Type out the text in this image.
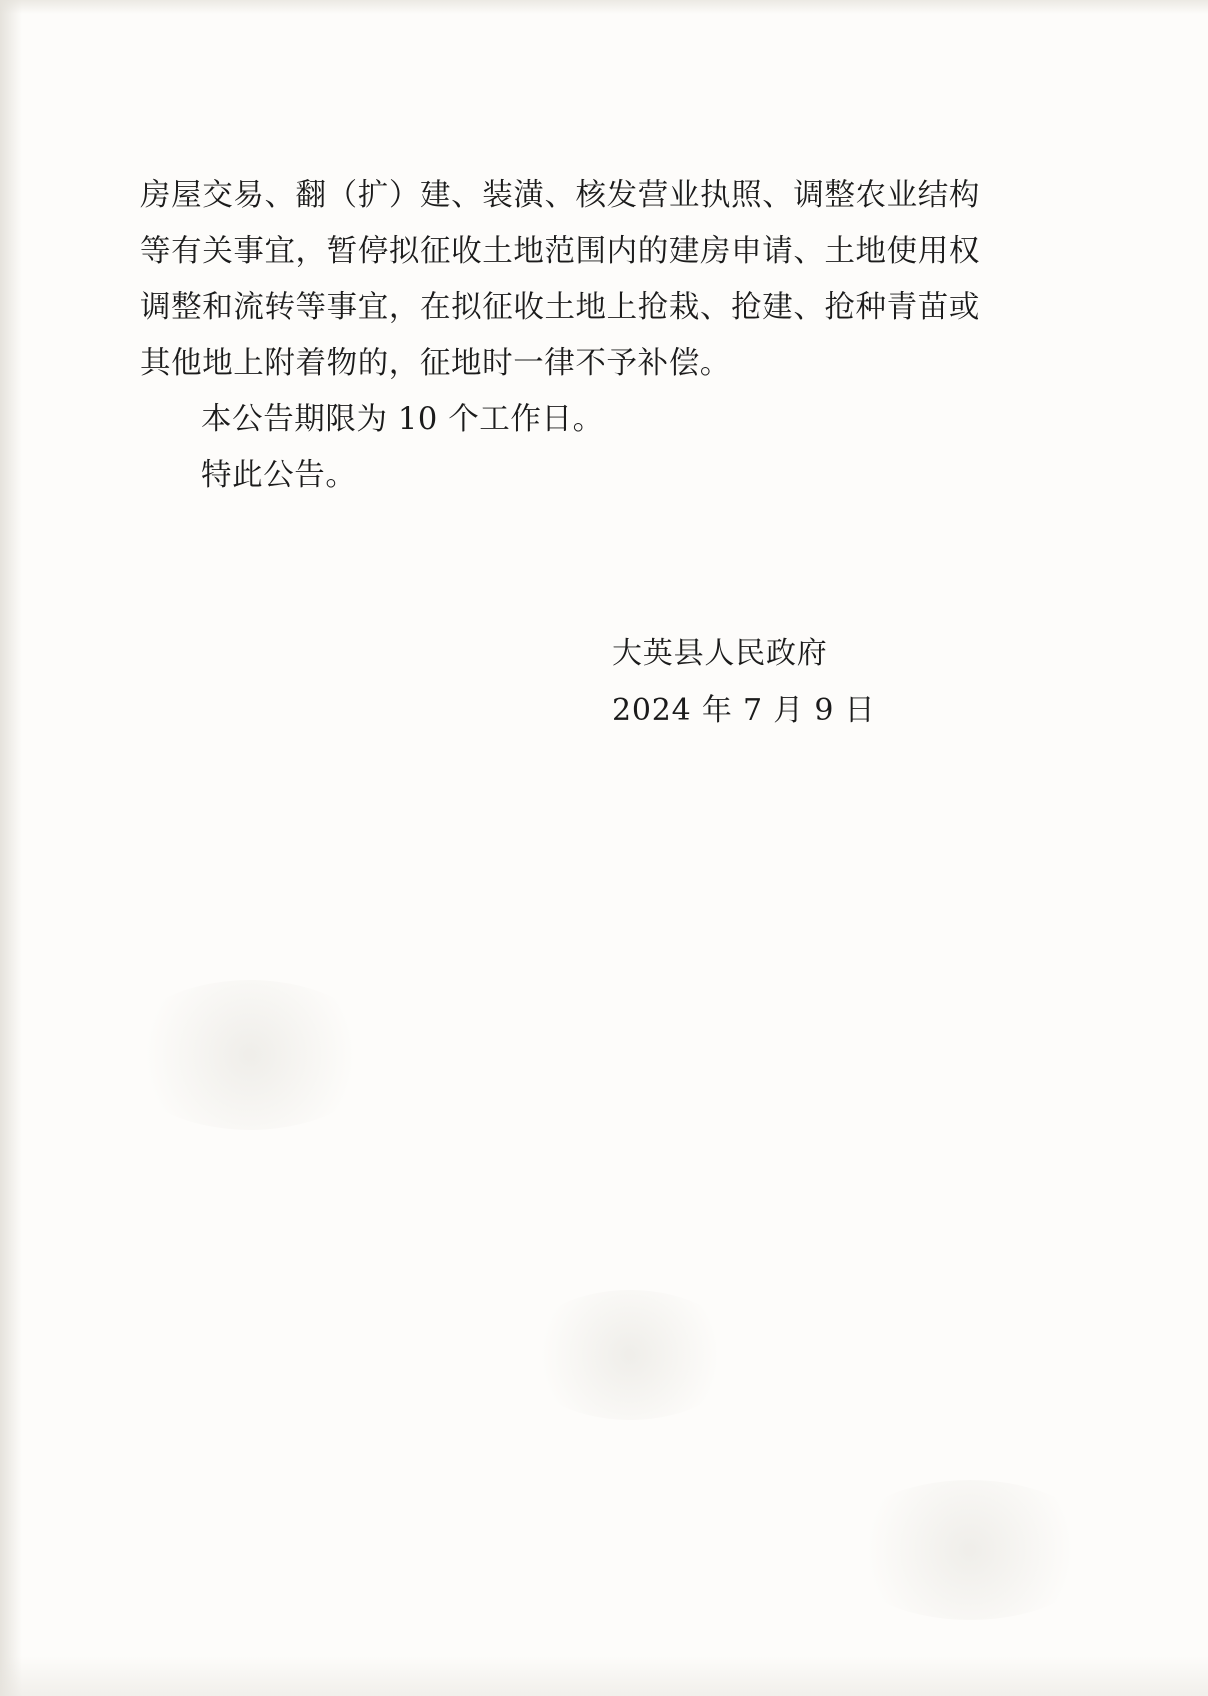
房屋交易、翻（扩）建、装潢、核发营业执照、调整农业结构等有关事宜，暂停拟征收土地范围内的建房申请、土地使用权调整和流转等事宜，在拟征收土地上抢栽、抢建、抢种青苗或其他地上附着物的，征地时一律不予补偿。

本公告期限为 10 个工作日。

特此公告。

大英县人民政府
2024 年 7 月 9 日
